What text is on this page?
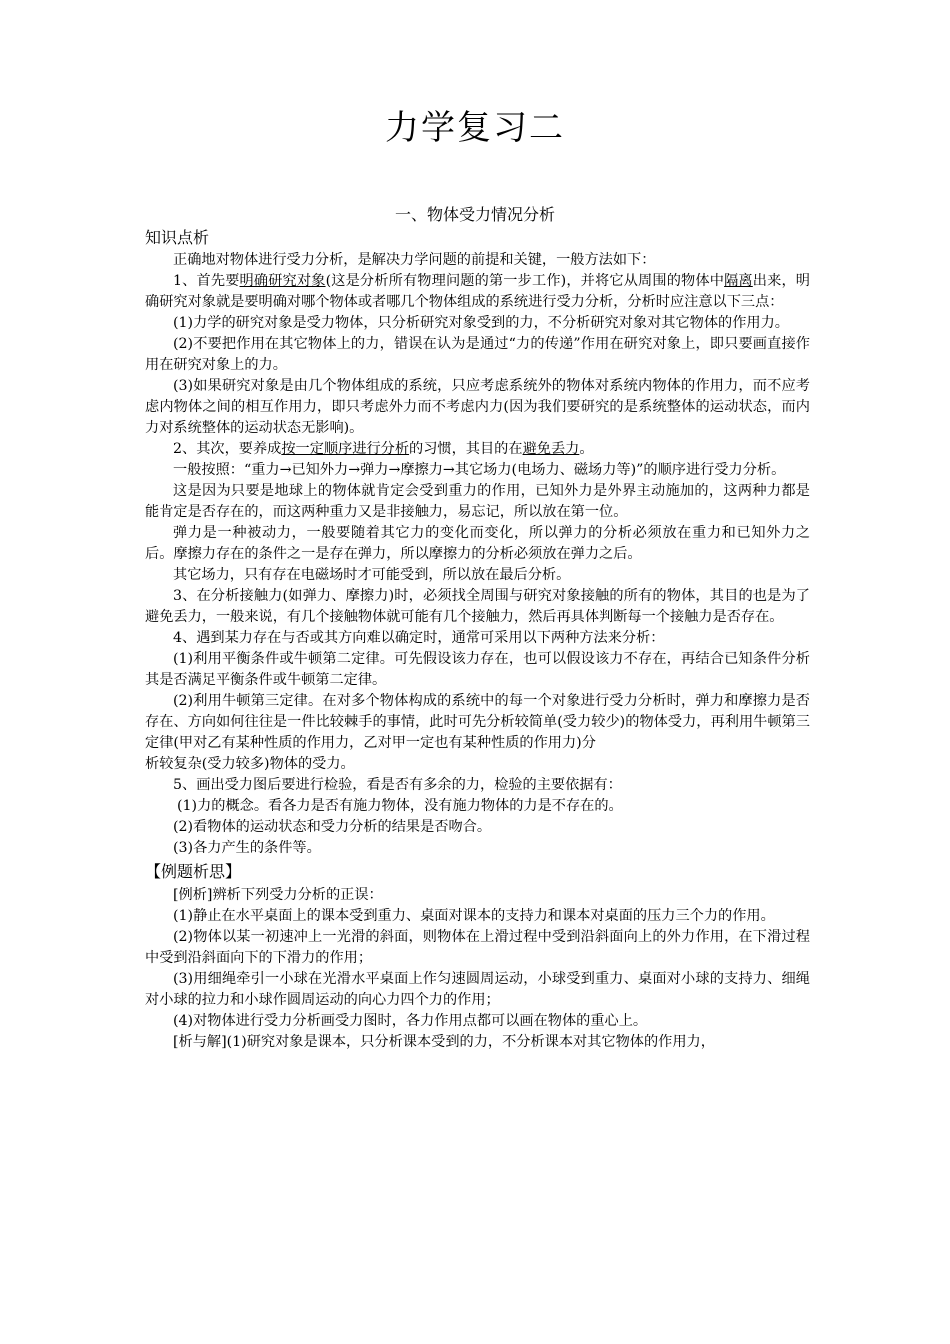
力学复习二
一、物体受力情况分析

知识点析

正确地对物体进行受力分析，是解决力学问题的前提和关键，一般方法如下：

1、首先要明确研究对象(这是分析所有物理问题的第一步工作)，并将它从周围的物体中隔离出来，明确研究对象就是要明确对哪个物体或者哪几个物体组成的系统进行受力分析，分析时应注意以下三点：

(1)力学的研究对象是受力物体，只分析研究对象受到的力，不分析研究对象对其它物体的作用力。

(2)不要把作用在其它物体上的力，错误在认为是通过“力的传递”作用在研究对象上，即只要画直接作用在研究对象上的力。

(3)如果研究对象是由几个物体组成的系统，只应考虑系统外的物体对系统内物体的作用力，而不应考虑内物体之间的相互作用力，即只考虑外力而不考虑内力(因为我们要研究的是系统整体的运动状态，而内力对系统整体的运动状态无影响)。

2、其次，要养成按一定顺序进行分析的习惯，其目的在避免丢力。

一般按照：“重力→已知外力→弹力→摩擦力→其它场力(电场力、磁场力等)”的顺序进行受力分析。

这是因为只要是地球上的物体就肯定会受到重力的作用，已知外力是外界主动施加的，这两种力都是能肯定是否存在的，而这两种重力又是非接触力，易忘记，所以放在第一位。

弹力是一种被动力，一般要随着其它力的变化而变化，所以弹力的分析必须放在重力和已知外力之后。摩擦力存在的条件之一是存在弹力，所以摩擦力的分析必须放在弹力之后。

其它场力，只有存在电磁场时才可能受到，所以放在最后分析。

3、在分析接触力(如弹力、摩擦力)时，必须找全周围与研究对象接触的所有的物体，其目的也是为了避免丢力，一般来说，有几个接触物体就可能有几个接触力，然后再具体判断每一个接触力是否存在。

4、遇到某力存在与否或其方向难以确定时，通常可采用以下两种方法来分析：

(1)利用平衡条件或牛顿第二定律。可先假设该力存在，也可以假设该力不存在，再结合已知条件分析其是否满足平衡条件或牛顿第二定律。

(2)利用牛顿第三定律。在对多个物体构成的系统中的每一个对象进行受力分析时，弹力和摩擦力是否存在、方向如何往往是一件比较棘手的事情，此时可先分析较简单(受力较少)的物体受力，再利用牛顿第三定律(甲对乙有某种性质的作用力，乙对甲一定也有某种性质的作用力)分

析较复杂(受力较多)物体的受力。

5、画出受力图后要进行检验，看是否有多余的力，检验的主要依据有：

(1)力的概念。看各力是否有施力物体，没有施力物体的力是不存在的。

(2)看物体的运动状态和受力分析的结果是否吻合。

(3)各力产生的条件等。

【例题析思】

[例析]辨析下列受力分析的正误：

(1)静止在水平桌面上的课本受到重力、桌面对课本的支持力和课本对桌面的压力三个力的作用。

(2)物体以某一初速冲上一光滑的斜面，则物体在上滑过程中受到沿斜面向上的外力作用，在下滑过程中受到沿斜面向下的下滑力的作用；

(3)用细绳牵引一小球在光滑水平桌面上作匀速圆周运动，小球受到重力、桌面对小球的支持力、细绳对小球的拉力和小球作圆周运动的向心力四个力的作用；

(4)对物体进行受力分析画受力图时，各力作用点都可以画在物体的重心上。

[析与解](1)研究对象是课本，只分析课本受到的力，不分析课本对其它物体的作用力，
